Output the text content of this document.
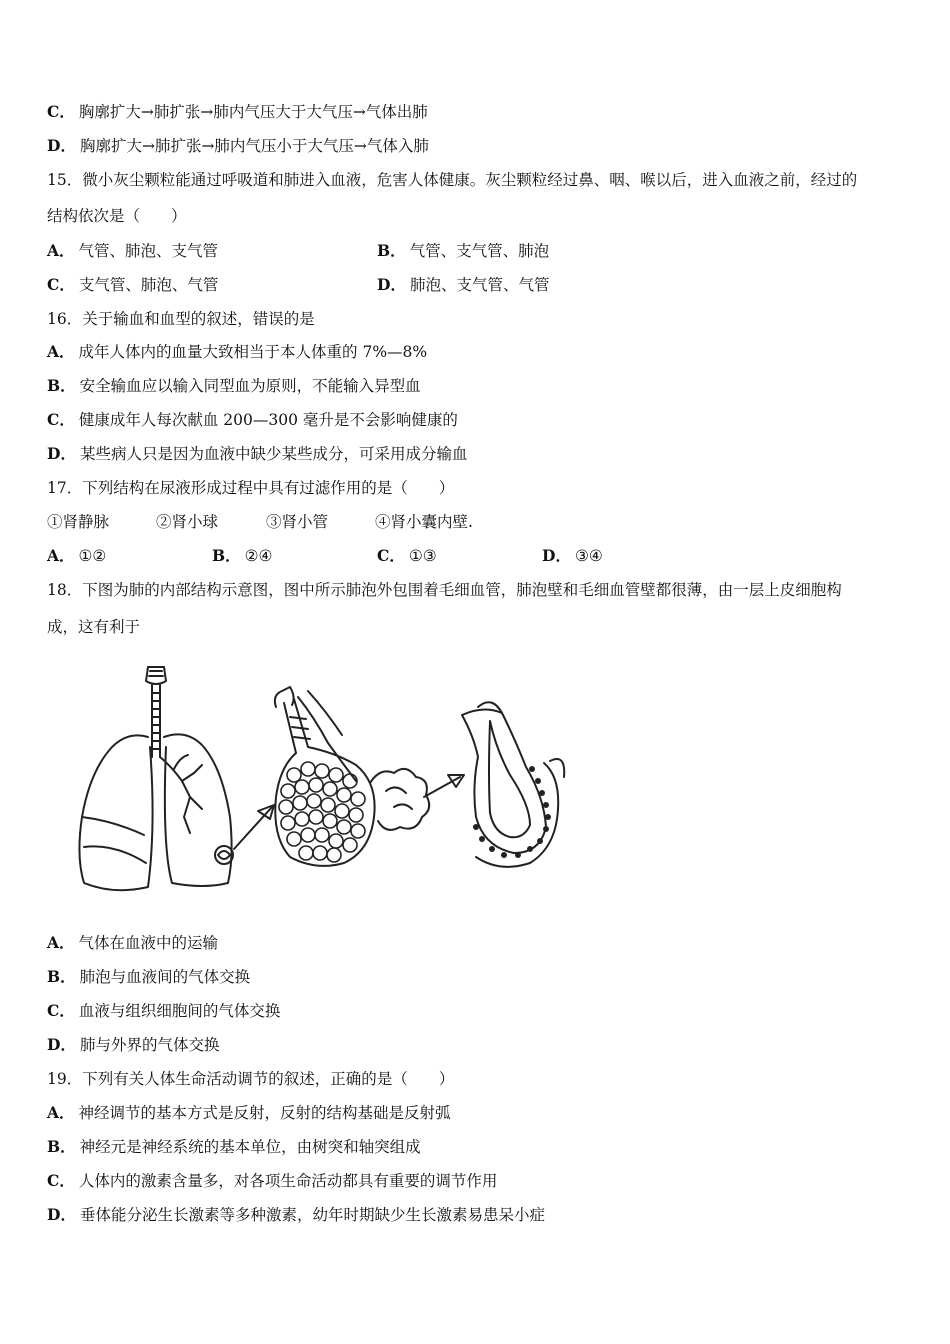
C． 胸廓扩大→肺扩张→肺内气压大于大气压→气体出肺
D． 胸廓扩大→肺扩张→肺内气压小于大气压→气体入肺
15．微小灰尘颗粒能通过呼吸道和肺进入血液，危害人体健康。灰尘颗粒经过鼻、咽、喉以后，进入血液之前，经过的
结构依次是（　　）
A． 气管、肺泡、支气管	B． 气管、支气管、肺泡
C． 支气管、肺泡、气管	D． 肺泡、支气管、气管
16．关于输血和血型的叙述，错误的是
A． 成年人体内的血量大致相当于本人体重的 7%—8%
B． 安全输血应以输入同型血为原则，不能输入异型血
C． 健康成年人每次献血 200—300 毫升是不会影响健康的
D． 某些病人只是因为血液中缺少某些成分，可采用成分输血
17．下列结构在尿液形成过程中具有过滤作用的是（　　）
①肾静脉	②肾小球	③肾小管	④肾小囊内壁.
A． ①②	B． ②④	C． ①③	D． ③④
18．下图为肺的内部结构示意图，图中所示肺泡外包围着毛细血管，肺泡壁和毛细血管壁都很薄，由一层上皮细胞构
成，这有利于
A． 气体在血液中的运输
B． 肺泡与血液间的气体交换
C． 血液与组织细胞间的气体交换
D． 肺与外界的气体交换
19．下列有关人体生命活动调节的叙述，正确的是（　　）
A． 神经调节的基本方式是反射，反射的结构基础是反射弧
B． 神经元是神经系统的基本单位，由树突和轴突组成
C． 人体内的激素含量多，对各项生命活动都具有重要的调节作用
D． 垂体能分泌生长激素等多种激素，幼年时期缺少生长激素易患呆小症
